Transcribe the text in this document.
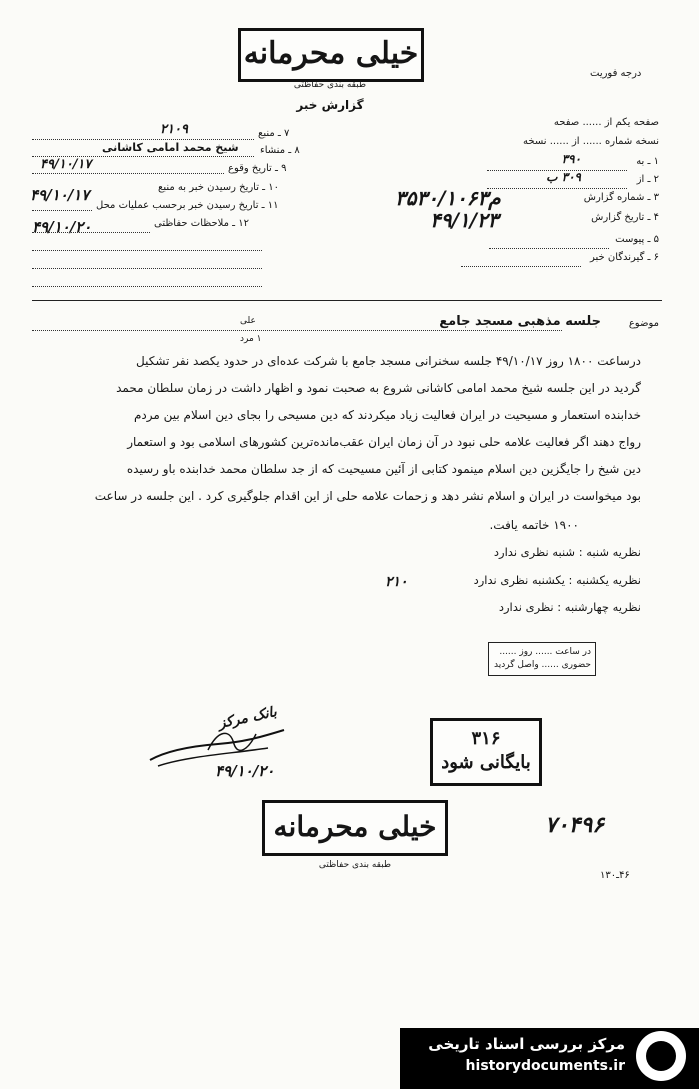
خیلی محرمانه
طبقه بندی حفاظتی
درجه فوریت
گزارش خبر
صفحه یکم از ...... صفحه
نسخه شماره ...... از ...... نسخه
۱ ـ به
۳۹۰
۲ ـ از
۳۰۹ ب
۳ ـ شماره گزارش
۳۵۳۰/۱۰۶۳م
۴ ـ تاریخ گزارش
۴۹/۱/۲۳
۵ ـ پیوست
۶ ـ گیرندگان خبر
۷ ـ منبع
۲۱۰۹
۸ ـ منشاء
شیخ محمد امامی کاشانی
۹ ـ تاریخ وقوع
۴۹/۱۰/۱۷
۱۰ ـ تاریخ رسیدن خبر به منبع
۴۹/۱۰/۱۷
۱۱ ـ تاریخ رسیدن خبر برحسب عملیات محل
۱۲ ـ ملاحظات حفاظتی
۴۹/۱۰/۲۰
موضوع
جلسه مذهبی مسجد جامع
علی
۱ مرد
درساعت ۱۸۰۰ روز ۴۹/۱۰/۱۷ جلسه سخنرانی مسجد جامع با شرکت عده‌ای در حدود یکصد نفر تشکیل
گردید در این جلسه شیخ محمد امامی کاشانی شروع به صحبت نمود و اظهار داشت در زمان سلطان محمد
خدابنده استعمار و مسیحیت در ایران فعالیت زیاد میکردند که دین مسیحی را بجای دین اسلام بین مردم
رواج دهند اگر فعالیت علامه حلی نبود در آن زمان ایران عقب‌مانده‌ترین کشورهای اسلامی بود و استعمار
دین شیخ را جایگزین دین اسلام مینمود کتابی از آئین مسیحیت که از جد سلطان محمد خدابنده باو رسیده
بود میخواست در ایران و اسلام نشر دهد و زحمات علامه حلی از این اقدام جلوگیری کرد . این جلسه در ساعت
۱۹۰۰ خاتمه یافت.
نظریه شنبه : شنبه نظری ندارد
نظریه یکشنبه : یکشنبه نظری ندارد
نظریه چهارشنبه : نظری ندارد
۲۱۰
در ساعت ...... روز ......
حضوری ...... واصل گردید
۳۱۶
بایگانی شود
بانک مرکز
۴۹/۱۰/۲۰
۷۰۴۹۶
خیلی محرمانه
طبقه بندی حفاظتی
۴۶ـ۱۳۰
مرکز بررسی اسناد تاریخی
historydocuments.ir
